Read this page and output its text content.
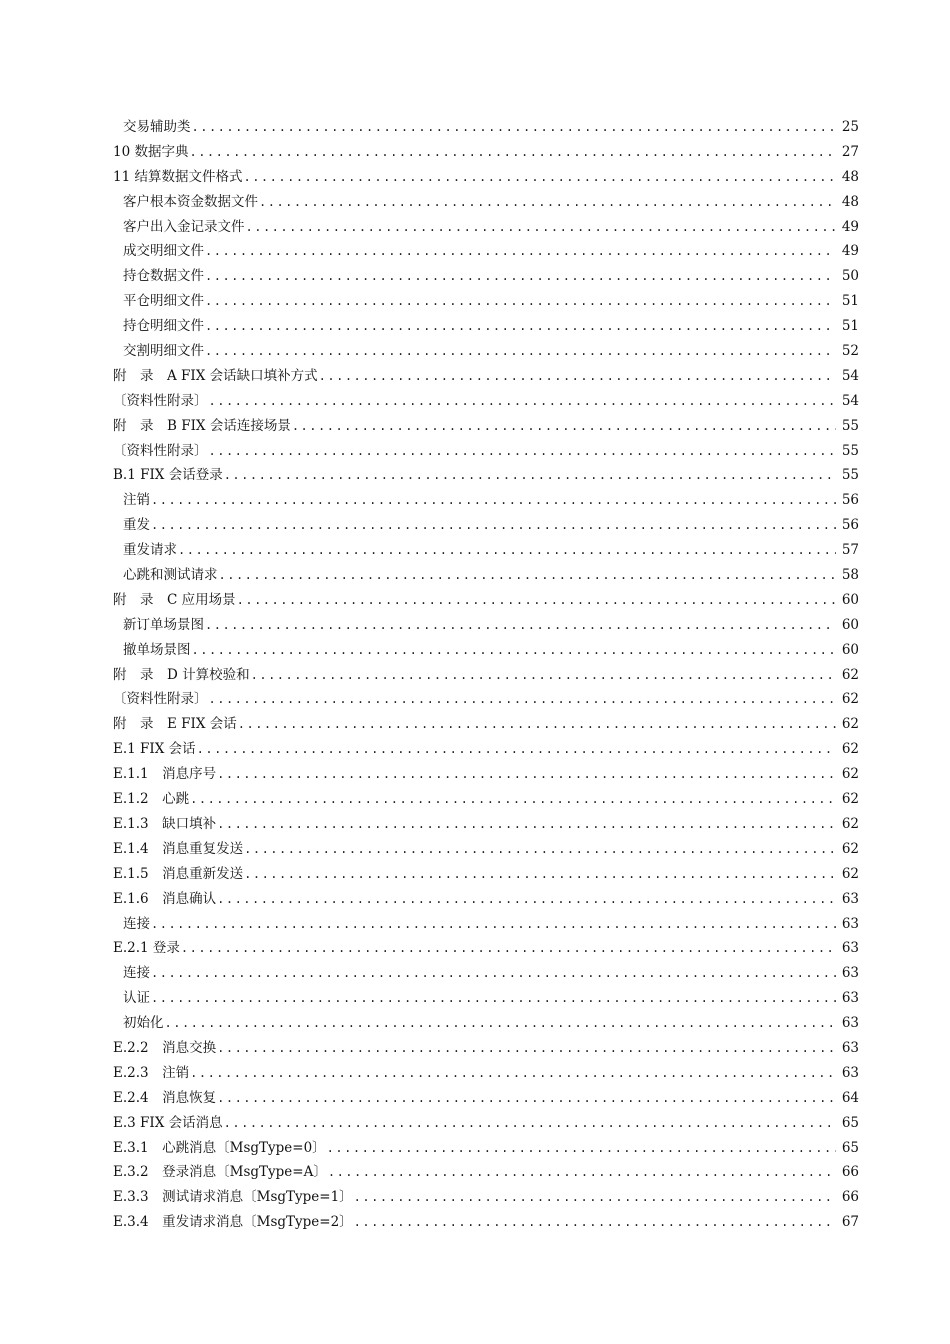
交易辅助类 .....	25
10 数据字典 .....	27
11 结算数据文件格式 .....	48
客户根本资金数据文件 .....	48
客户出入金记录文件 .....	49
成交明细文件 .....	49
持仓数据文件 .....	50
平仓明细文件 .....	51
持仓明细文件 .....	51
交割明细文件 .....	52
附　录　A FIX 会话缺口填补方式 .....	54
〔资料性附录〕 .....	54
附　录　B FIX 会话连接场景 .....	55
〔资料性附录〕 .....	55
B.1 FIX 会话登录 .....	55
注销 .....	56
重发 .....	56
重发请求 .....	57
心跳和测试请求 .....	58
附　录　C 应用场景 .....	60
新订单场景图 .....	60
撤单场景图 .....	60
附　录　D 计算校验和 .....	62
〔资料性附录〕 .....	62
附　录　E FIX 会话 .....	62
E.1 FIX 会话 .....	62
E.1.1　消息序号 .....	62
E.1.2　心跳 .....	62
E.1.3　缺口填补 .....	62
E.1.4　消息重复发送 .....	62
E.1.5　消息重新发送 .....	62
E.1.6　消息确认 .....	63
连接 .....	63
E.2.1 登录 .....	63
连接 .....	63
认证 .....	63
初始化 .....	63
E.2.2　消息交换 .....	63
E.2.3　注销 .....	63
E.2.4　消息恢复 .....	64
E.3 FIX 会话消息 .....	65
E.3.1　心跳消息〔MsgType=0〕 .....	65
E.3.2　登录消息〔MsgType=A〕 .....	66
E.3.3　测试请求消息〔MsgType=1〕 .....	66
E.3.4　重发请求消息〔MsgType=2〕 .....	67
